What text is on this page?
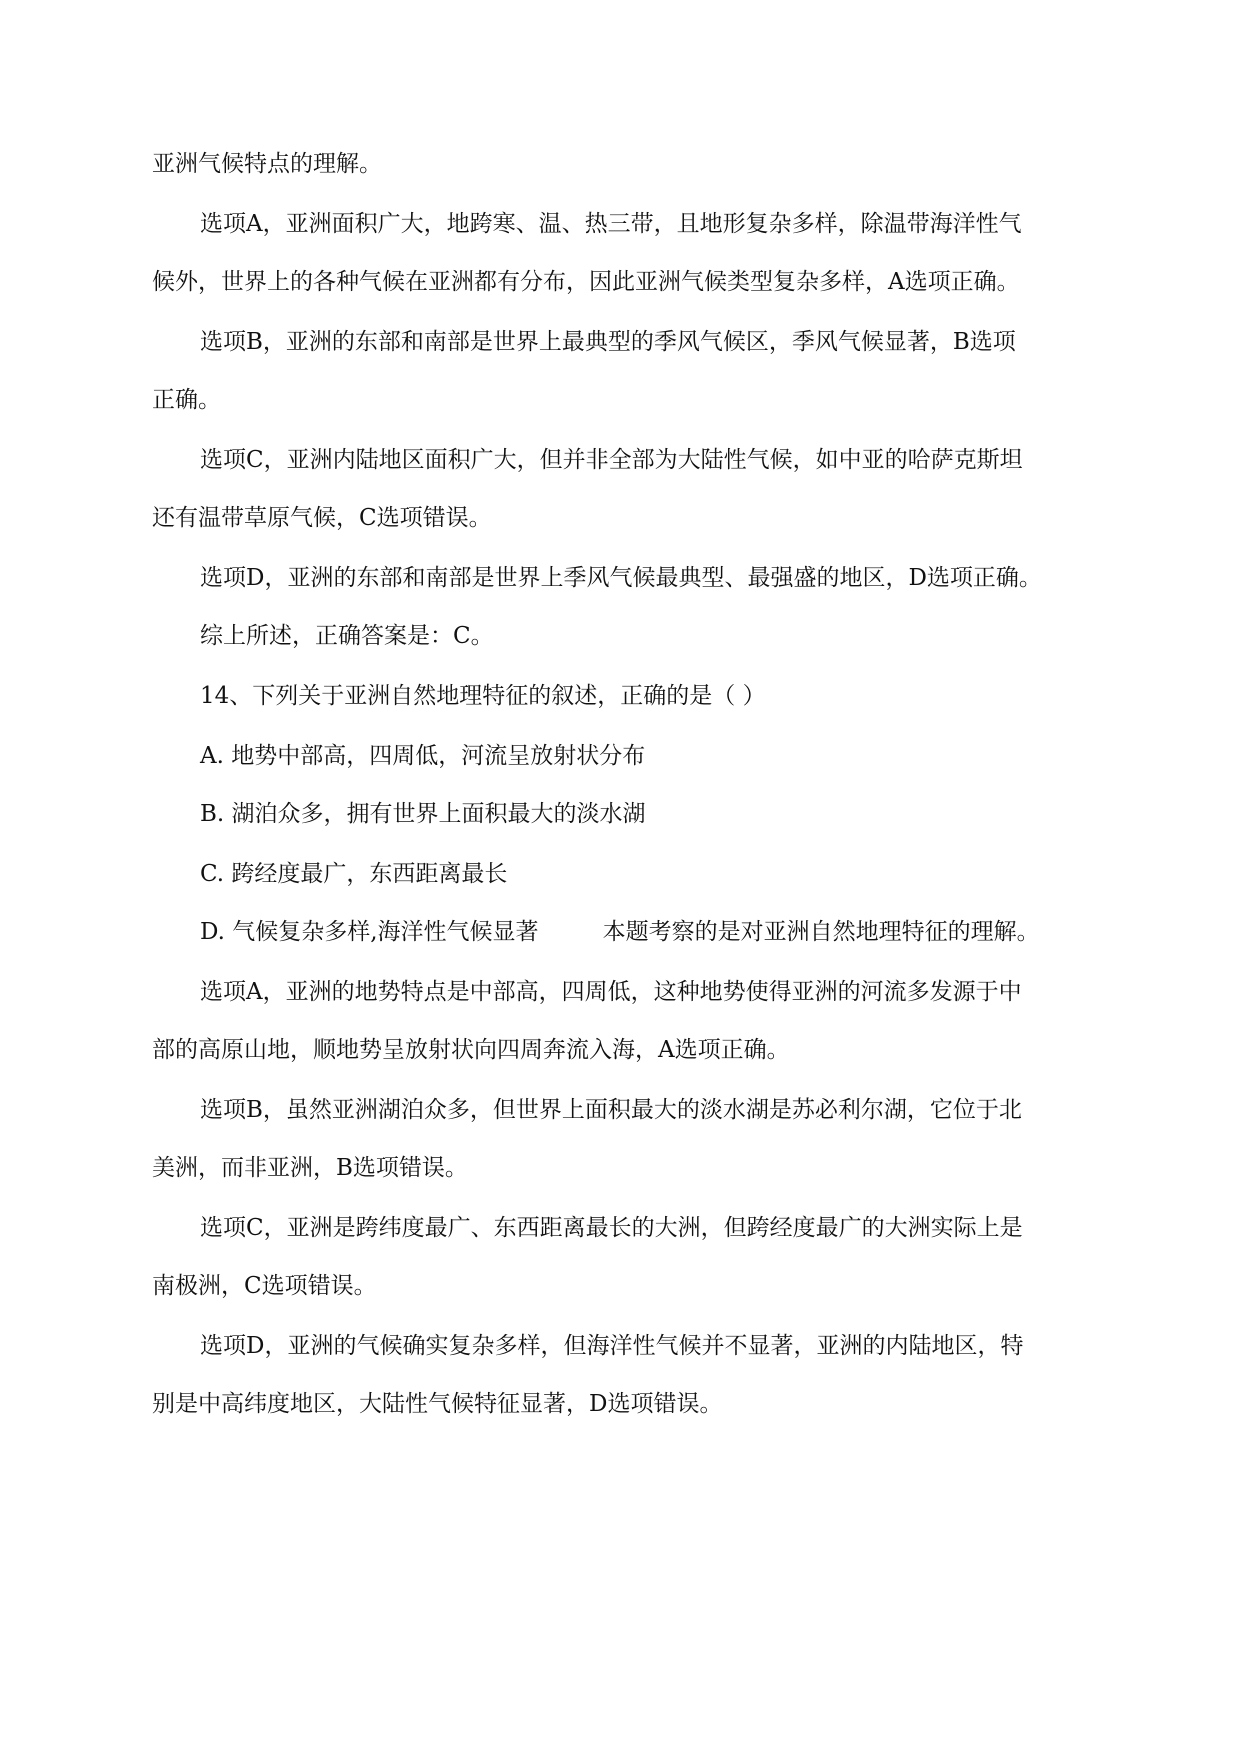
亚洲气候特点的理解。
选项A，亚洲面积广大，地跨寒、温、热三带，且地形复杂多样，除温带海洋性气
候外，世界上的各种气候在亚洲都有分布，因此亚洲气候类型复杂多样，A选项正确。
选项B，亚洲的东部和南部是世界上最典型的季风气候区，季风气候显著，B选项
正确。
选项C，亚洲内陆地区面积广大，但并非全部为大陆性气候，如中亚的哈萨克斯坦
还有温带草原气候，C选项错误。
选项D，亚洲的东部和南部是世界上季风气候最典型、最强盛的地区，D选项正确。
综上所述，正确答案是：C。
14、下列关于亚洲自然地理特征的叙述，正确的是（ ）
A. 地势中部高，四周低，河流呈放射状分布
B. 湖泊众多，拥有世界上面积最大的淡水湖
C. 跨经度最广，东西距离最长
D. 气候复杂多样,海洋性气候显著	本题考察的是对亚洲自然地理特征的理解。
选项A，亚洲的地势特点是中部高，四周低，这种地势使得亚洲的河流多发源于中
部的高原山地，顺地势呈放射状向四周奔流入海，A选项正确。
选项B，虽然亚洲湖泊众多，但世界上面积最大的淡水湖是苏必利尔湖，它位于北
美洲，而非亚洲，B选项错误。
选项C，亚洲是跨纬度最广、东西距离最长的大洲，但跨经度最广的大洲实际上是
南极洲，C选项错误。
选项D，亚洲的气候确实复杂多样，但海洋性气候并不显著，亚洲的内陆地区，特
别是中高纬度地区，大陆性气候特征显著，D选项错误。
